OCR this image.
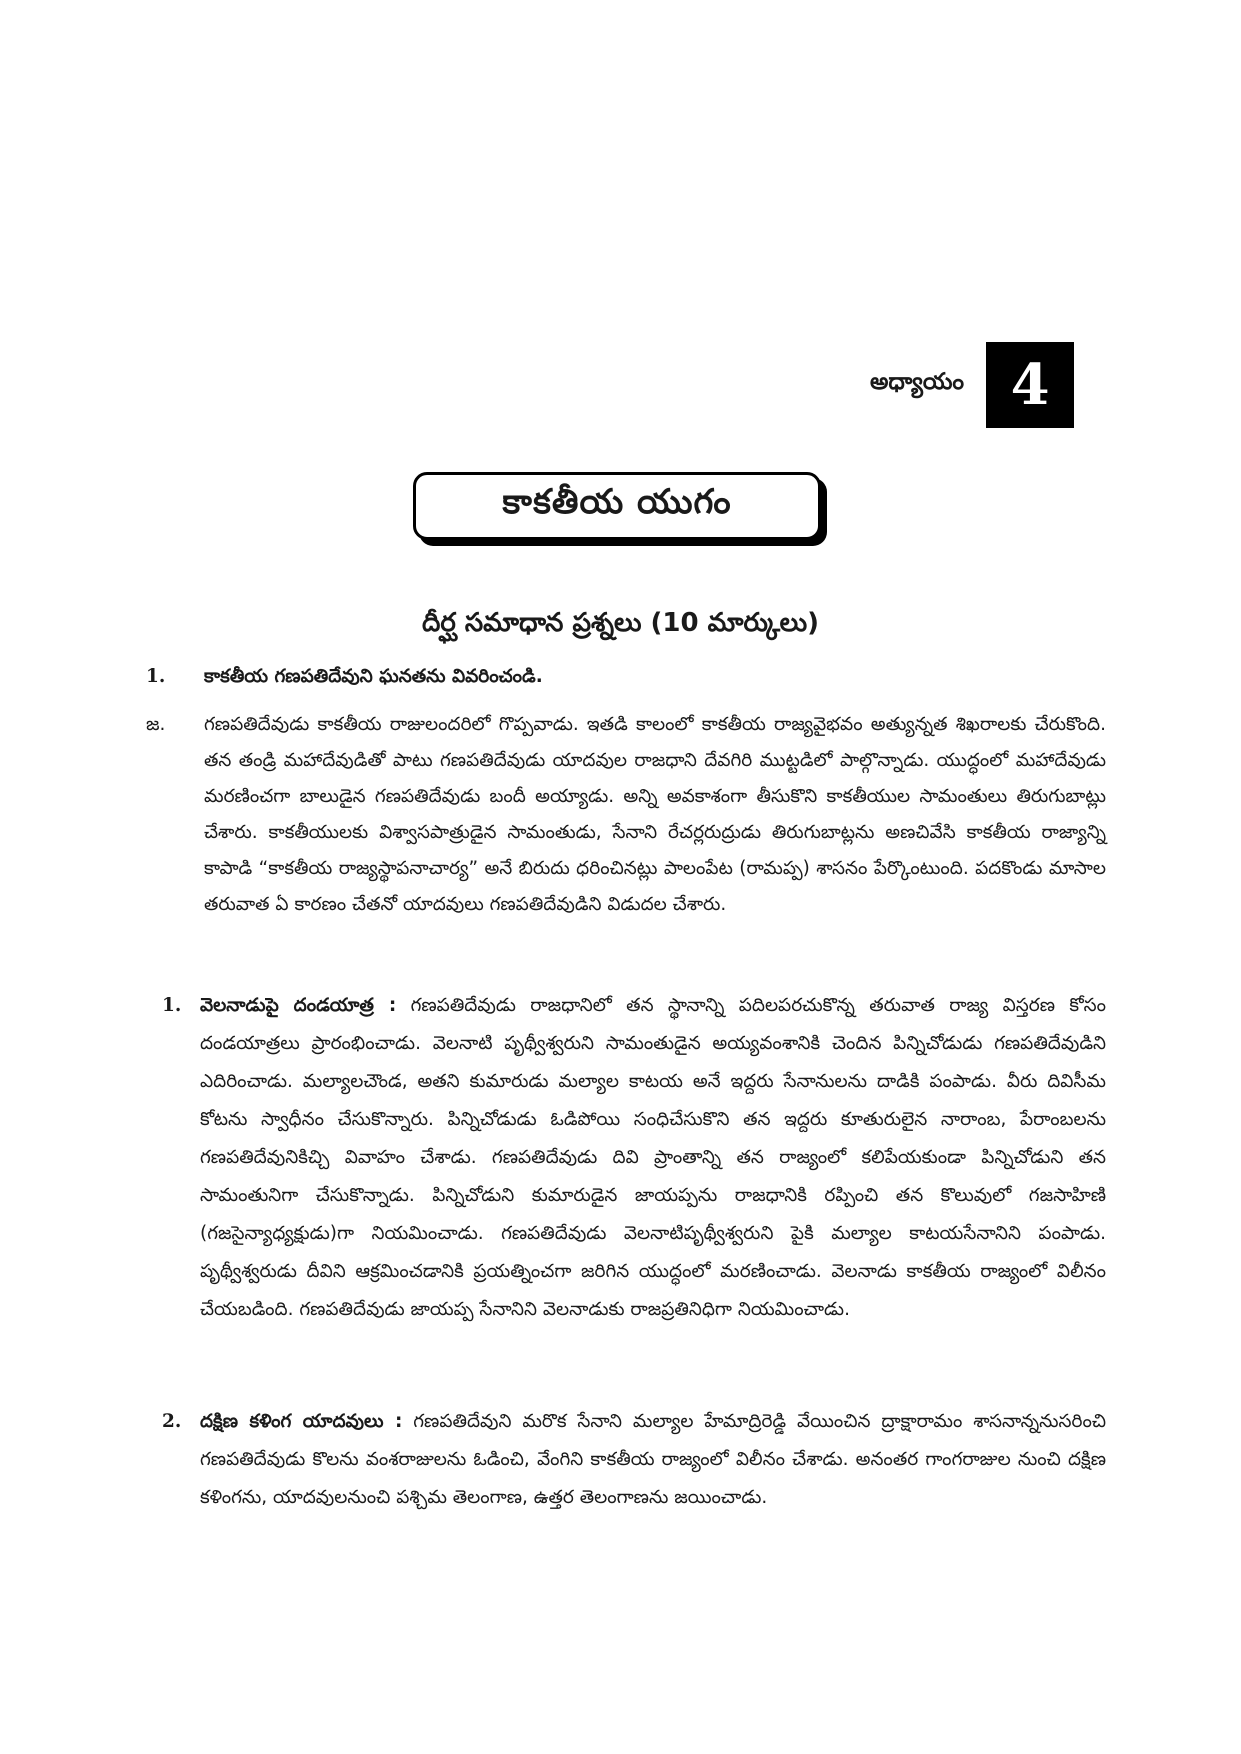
అధ్యాయం 4
కాకతీయ యుగం
దీర్ఘ సమాధాన ప్రశ్నలు (10 మార్కులు)
1.	కాకతీయ గణపతిదేవుని ఘనతను వివరించండి.
జ.	గణపతిదేవుడు కాకతీయ రాజులందరిలో గొప్పవాడు. ఇతడి కాలంలో కాకతీయ రాజ్యవైభవం అత్యున్నత శిఖరాలకు చేరుకొంది. తన తండ్రి మహాదేవుడితో పాటు గణపతిదేవుడు యాదవుల రాజధాని దేవగిరి ముట్టడిలో పాల్గొన్నాడు. యుద్ధంలో మహాదేవుడు మరణించగా బాలుడైన గణపతిదేవుడు బందీ అయ్యాడు. అన్ని అవకాశంగా తీసుకొని కాకతీయుల సామంతులు తిరుగుబాట్లు చేశారు. కాకతీయులకు విశ్వాసపాత్రుడైన సామంతుడు, సేనాని రేచర్లరుద్రుడు తిరుగుబాట్లను అణచివేసి కాకతీయ రాజ్యాన్ని కాపాడి “కాకతీయ రాజ్యస్థాపనాచార్య” అనే బిరుదు ధరించినట్లు పాలంపేట (రామప్ప) శాసనం పేర్కొంటుంది. పదకొండు మాసాల తరువాత ఏ కారణం చేతనో యాదవులు గణపతిదేవుడిని విడుదల చేశారు.
1.	వెలనాడుపై దండయాత్ర : గణపతిదేవుడు రాజధానిలో తన స్థానాన్ని పదిలపరచుకొన్న తరువాత రాజ్య విస్తరణ కోసం దండయాత్రలు ప్రారంభించాడు. వెలనాటి పృథ్వీశ్వరుని సామంతుడైన అయ్యవంశానికి చెందిన పిన్నిచోడుడు గణపతిదేవుడిని ఎదిరించాడు. మల్యాలచౌండ, అతని కుమారుడు మల్యాల కాటయ అనే ఇద్దరు సేనానులను దాడికి పంపాడు. వీరు దివిసీమ కోటను స్వాధీనం చేసుకొన్నారు. పిన్నిచోడుడు ఓడిపోయి సంధిచేసుకొని తన ఇద్దరు కూతురులైన నారాంబ, పేరాంబలను గణపతిదేవునికిచ్చి వివాహం చేశాడు. గణపతిదేవుడు దివి ప్రాంతాన్ని తన రాజ్యంలో కలిపేయకుండా పిన్నిచోడుని తన సామంతునిగా చేసుకొన్నాడు. పిన్నిచోడుని కుమారుడైన జాయప్పను రాజధానికి రప్పించి తన కొలువులో గజసాహిణి (గజసైన్యాధ్యక్షుడు)గా నియమించాడు. గణపతిదేవుడు వెలనాటిపృథ్వీశ్వరుని పైకి మల్యాల కాటయసేనానిని పంపాడు. పృథ్వీశ్వరుడు దీవిని ఆక్రమించడానికి ప్రయత్నించగా జరిగిన యుద్ధంలో మరణించాడు. వెలనాడు కాకతీయ రాజ్యంలో విలీనం చేయబడింది. గణపతిదేవుడు జాయప్ప సేనానిని వెలనాడుకు రాజప్రతినిధిగా నియమించాడు.
2.	దక్షిణ కళింగ యాదవులు : గణపతిదేవుని మరొక సేనాని మల్యాల హేమాద్రిరెడ్డి వేయించిన ద్రాక్షారామం శాసనాన్ననుసరించి గణపతిదేవుడు కొలను వంశరాజులను ఓడించి, వేంగిని కాకతీయ రాజ్యంలో విలీనం చేశాడు. అనంతర గాంగరాజుల నుంచి దక్షిణ కళింగను, యాదవులనుంచి పశ్చిమ తెలంగాణ, ఉత్తర తెలంగాణను జయించాడు.
